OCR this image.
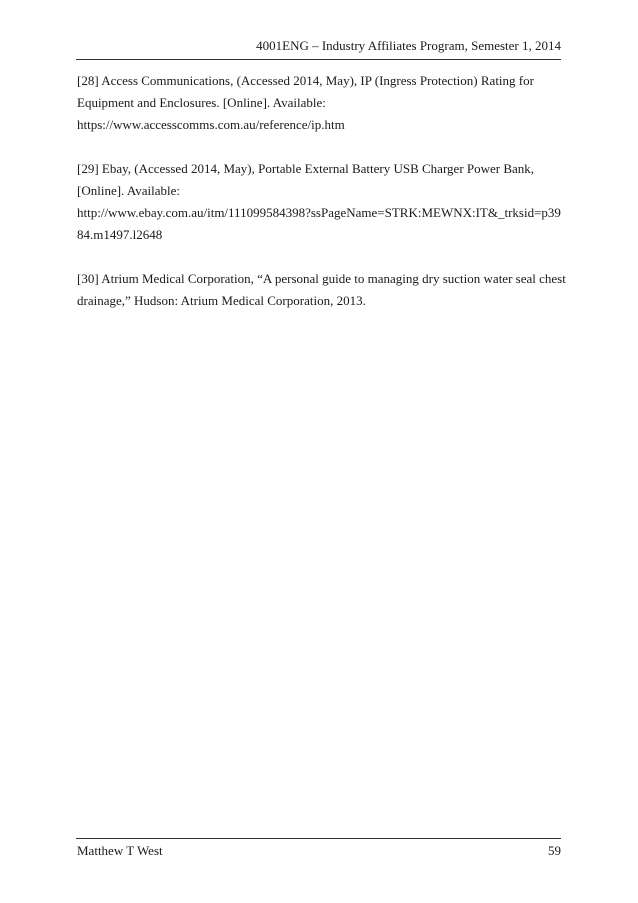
4001ENG – Industry Affiliates Program, Semester 1, 2014
[28] Access Communications, (Accessed 2014, May), IP (Ingress Protection) Rating for
Equipment and Enclosures. [Online]. Available:
https://www.accesscomms.com.au/reference/ip.htm
[29] Ebay, (Accessed 2014, May), Portable External Battery USB Charger Power Bank,
[Online]. Available:
http://www.ebay.com.au/itm/111099584398?ssPageName=STRK:MEWNX:IT&_trksid=p39
84.m1497.l2648
[30] Atrium Medical Corporation, “A personal guide to managing dry suction water seal chest
drainage,” Hudson: Atrium Medical Corporation, 2013.
Matthew T West	59
